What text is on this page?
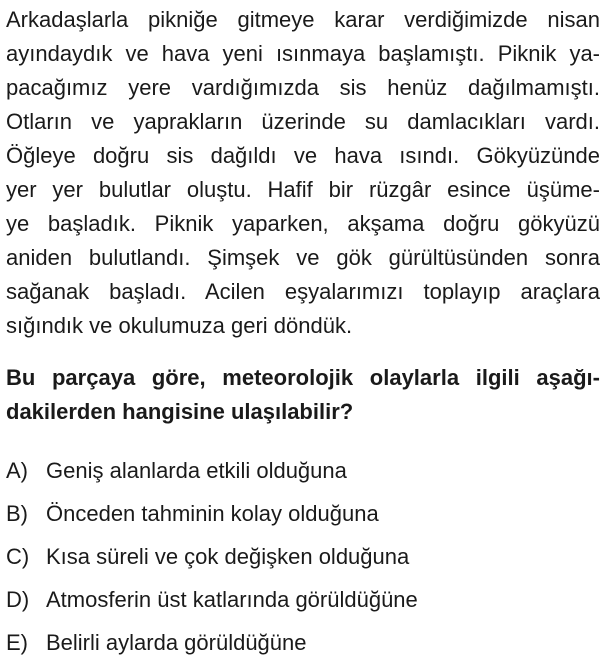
Arkadaşlarla pikniğe gitmeye karar verdiğimizde nisan
ayındaydık ve hava yeni ısınmaya başlamıştı. Piknik ya-
pacağımız yere vardığımızda sis henüz dağılmamıştı.
Otların ve yaprakların üzerinde su damlacıkları vardı.
Öğleye doğru sis dağıldı ve hava ısındı. Gökyüzünde
yer yer bulutlar oluştu. Hafif bir rüzgâr esince üşüme-
ye başladık. Piknik yaparken, akşama doğru gökyüzü
aniden bulutlandı. Şimşek ve gök gürültüsünden sonra
sağanak başladı. Acilen eşyalarımızı toplayıp araçlara
sığındık ve okulumuza geri döndük.
Bu parçaya göre, meteorolojik olaylarla ilgili aşağı-
dakilerden hangisine ulaşılabilir?
A) Geniş alanlarda etkili olduğuna
B) Önceden tahminin kolay olduğuna
C) Kısa süreli ve çok değişken olduğuna
D) Atmosferin üst katlarında görüldüğüne
E) Belirli aylarda görüldüğüne
